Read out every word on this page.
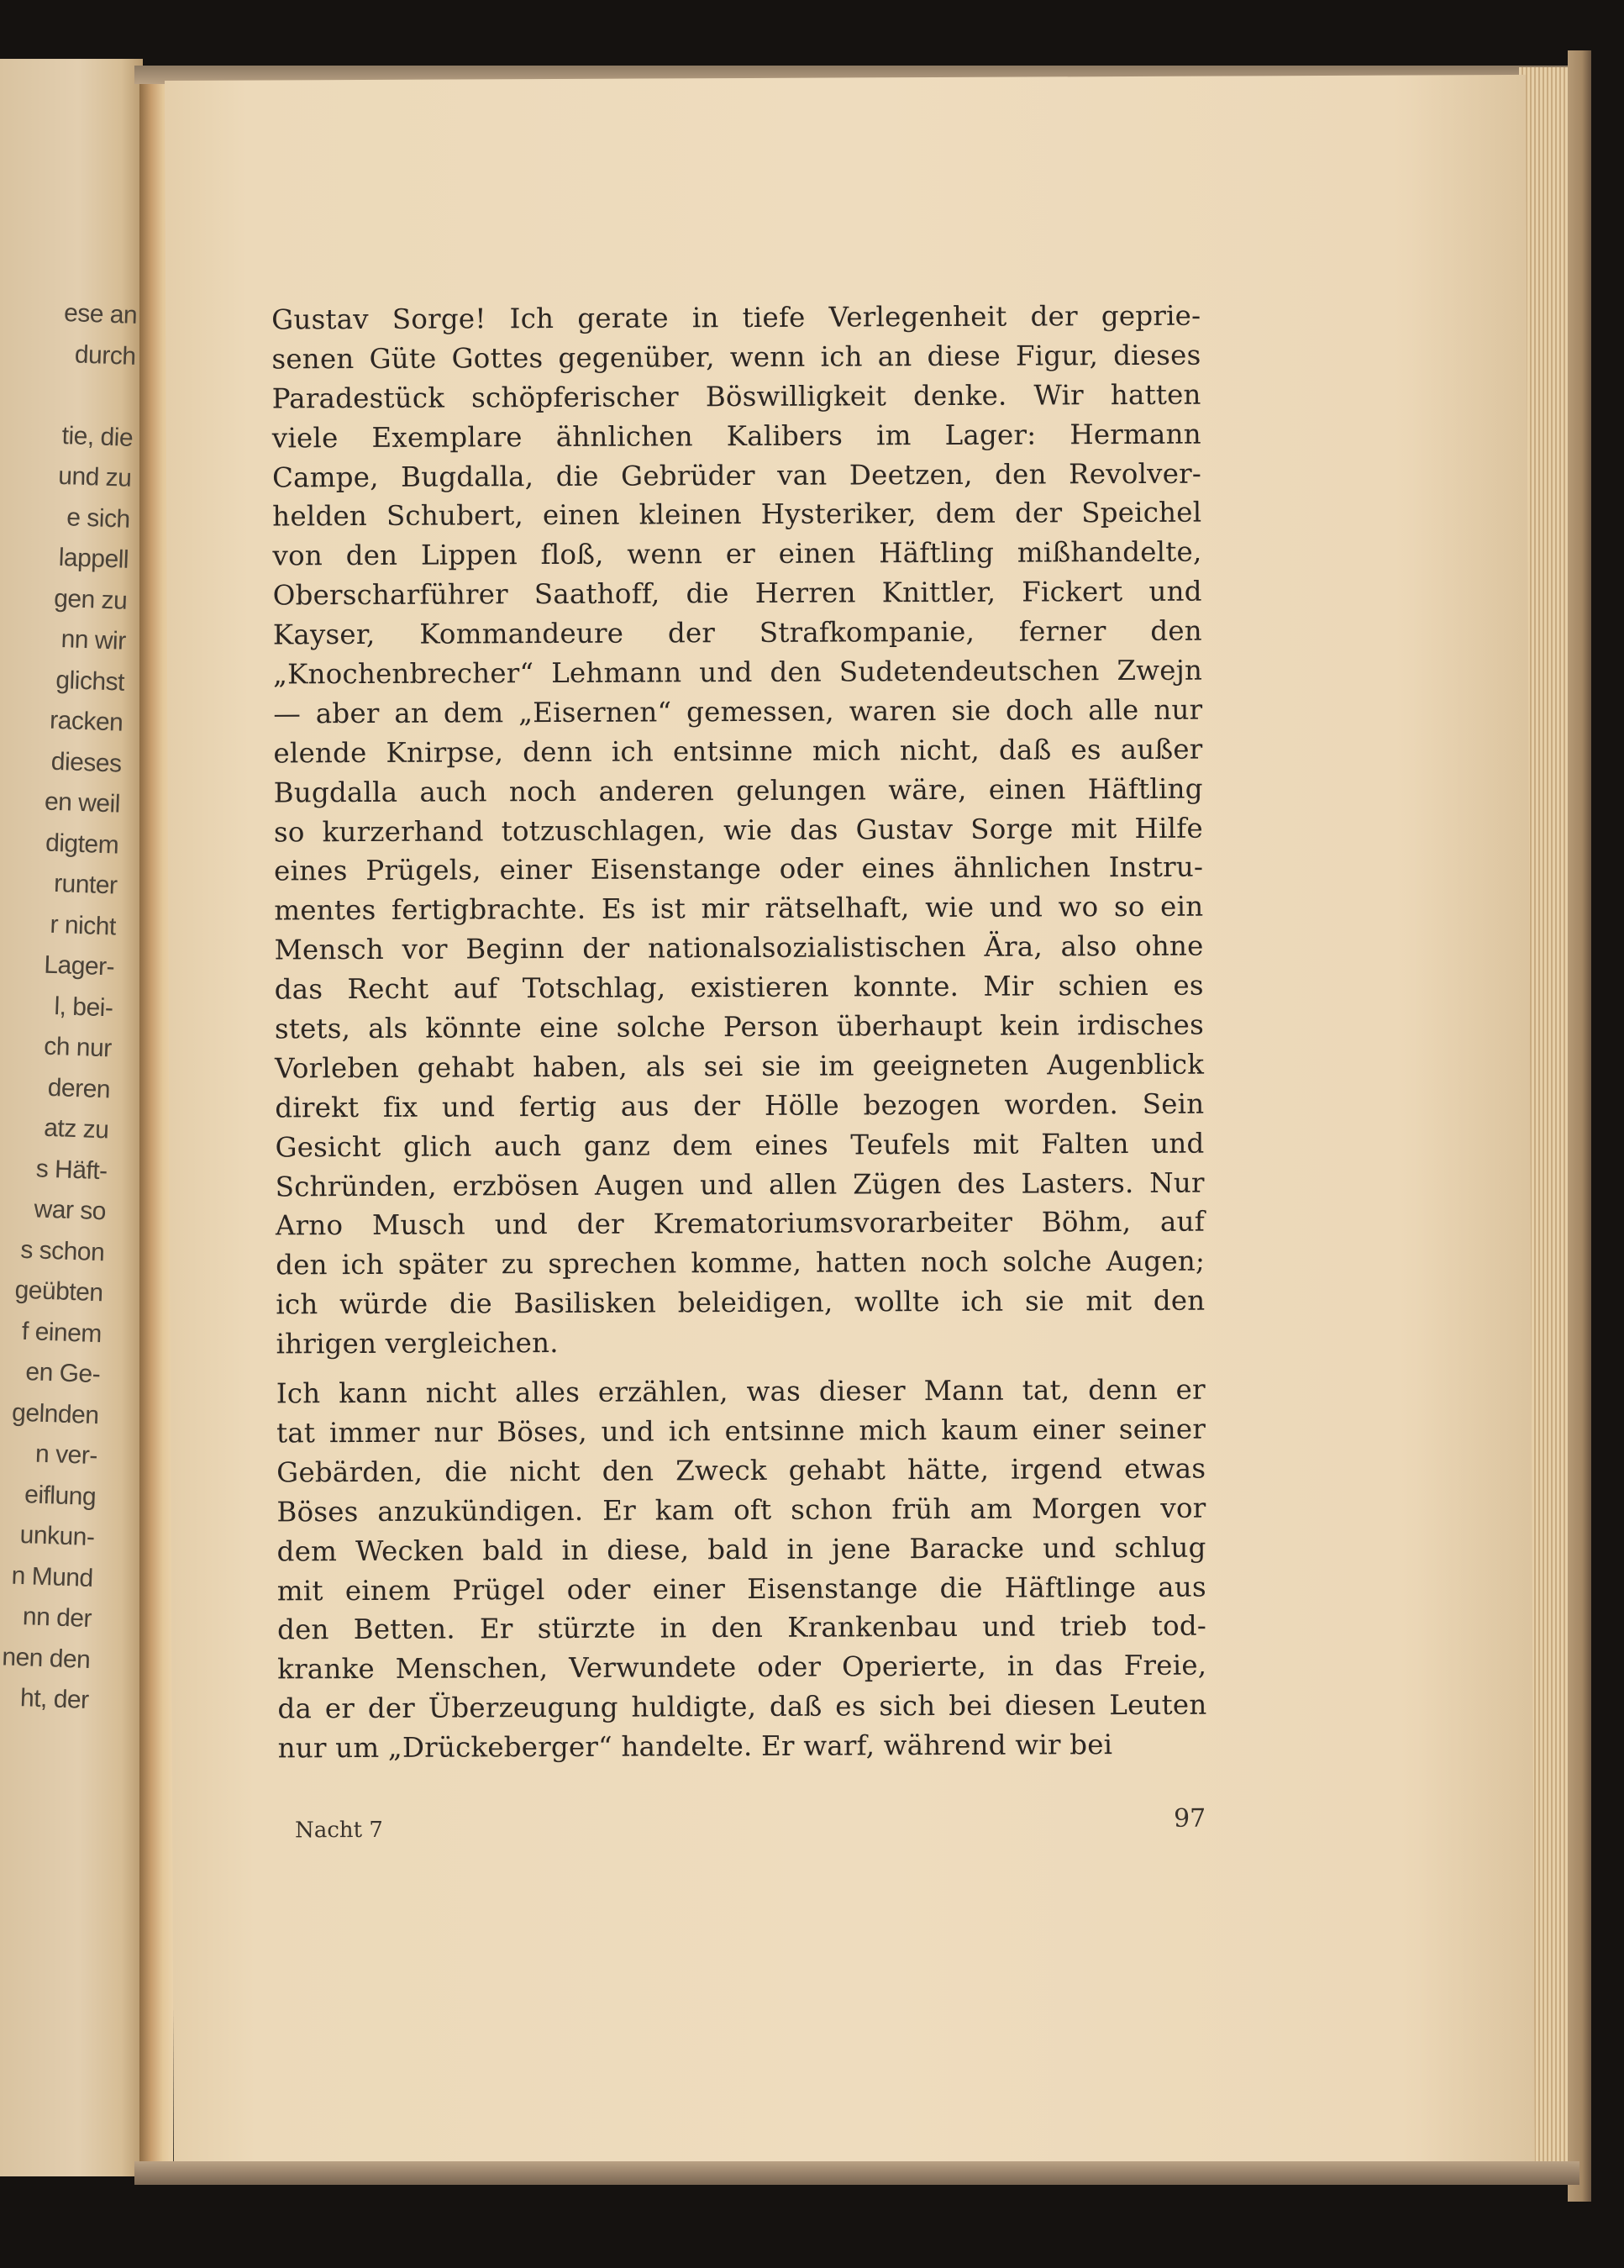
ese an
durch

tie, die
und zu
e sich
lappell
gen zu
nn wir
glichst
racken
dieses
en weil
digtem
runter
r nicht
Lager-
l, bei-
ch nur
deren
atz zu
s Häft-
war so
s schon
geübten
f einem
en Ge-
gelnden
n ver-
eiflung
unkun-
n Mund
nn der
nen den
ht, der
Gustav Sorge! Ich gerate in tiefe Verlegenheit der geprie-
senen Güte Gottes gegenüber, wenn ich an diese Figur, dieses
Paradestück schöpferischer Böswilligkeit denke. Wir hatten
viele Exemplare ähnlichen Kalibers im Lager: Hermann
Campe, Bugdalla, die Gebrüder van Deetzen, den Revolver-
helden Schubert, einen kleinen Hysteriker, dem der Speichel
von den Lippen floß, wenn er einen Häftling mißhandelte,
Oberscharführer Saathoff, die Herren Knittler, Fickert und
Kayser, Kommandeure der Strafkompanie, ferner den
„Knochenbrecher“ Lehmann und den Sudetendeutschen Zwejn
— aber an dem „Eisernen“ gemessen, waren sie doch alle nur
elende Knirpse, denn ich entsinne mich nicht, daß es außer
Bugdalla auch noch anderen gelungen wäre, einen Häftling
so kurzerhand totzuschlagen, wie das Gustav Sorge mit Hilfe
eines Prügels, einer Eisenstange oder eines ähnlichen Instru-
mentes fertigbrachte. Es ist mir rätselhaft, wie und wo so ein
Mensch vor Beginn der nationalsozialistischen Ära, also ohne
das Recht auf Totschlag, existieren konnte. Mir schien es
stets, als könnte eine solche Person überhaupt kein irdisches
Vorleben gehabt haben, als sei sie im geeigneten Augenblick
direkt fix und fertig aus der Hölle bezogen worden. Sein
Gesicht glich auch ganz dem eines Teufels mit Falten und
Schründen, erzbösen Augen und allen Zügen des Lasters. Nur
Arno Musch und der Krematoriumsvorarbeiter Böhm, auf
den ich später zu sprechen komme, hatten noch solche Augen;
ich würde die Basilisken beleidigen, wollte ich sie mit den
ihrigen vergleichen.
Ich kann nicht alles erzählen, was dieser Mann tat, denn er
tat immer nur Böses, und ich entsinne mich kaum einer seiner
Gebärden, die nicht den Zweck gehabt hätte, irgend etwas
Böses anzukündigen. Er kam oft schon früh am Morgen vor
dem Wecken bald in diese, bald in jene Baracke und schlug
mit einem Prügel oder einer Eisenstange die Häftlinge aus
den Betten. Er stürzte in den Krankenbau und trieb tod-
kranke Menschen, Verwundete oder Operierte, in das Freie,
da er der Überzeugung huldigte, daß es sich bei diesen Leuten
nur um „Drückeberger“ handelte. Er warf, während wir bei
Nacht 7	97
